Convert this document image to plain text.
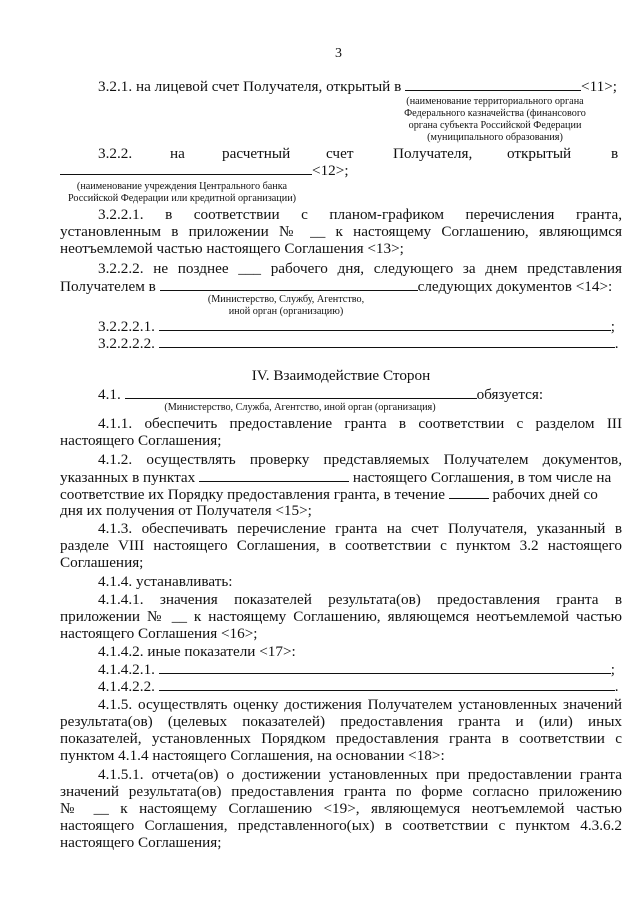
3
3.2.1. на лицевой счет Получателя, открытый в	<11>;
(наименование территориального органа
Федерального казначейства (финансового
органа субъекта Российской Федерации
(муниципального образования)
3.2.2. на расчетный счет	Получателя, открытый	в
<12>;
(наименование учреждения Центрального банка
Российской Федерации или кредитной организации)
3.2.2.1. в соответствии с планом-графиком перечисления гранта,
установленным в приложении № __ к настоящему Соглашению, являющимся
неотъемлемой частью настоящего Соглашения <13>;
3.2.2.2. не позднее ___ рабочего дня, следующего за днем представления
Получателем в	следующих документов <14>:
(Министерство, Службу, Агентство,
иной орган (организацию)
3.2.2.2.1.	;
3.2.2.2.2.	.
IV. Взаимодействие Сторон
4.1.	обязуется:
(Министерство, Служба, Агентство, иной орган (организация)
4.1.1. обеспечить предоставление гранта в соответствии с разделом III
настоящего Соглашения;
4.1.2. осуществлять проверку представляемых Получателем документов,
указанных в пунктах	настоящего Соглашения, в том числе на
соответствие их Порядку предоставления гранта, в течение	рабочих дней со
дня их получения от Получателя <15>;
4.1.3. обеспечивать перечисление гранта на счет Получателя, указанный в
разделе VIII настоящего Соглашения, в соответствии с пунктом 3.2 настоящего
Соглашения;
4.1.4. устанавливать:
4.1.4.1. значения показателей результата(ов) предоставления гранта в
приложении № __ к настоящему Соглашению, являющемся неотъемлемой частью
настоящего Соглашения <16>;
4.1.4.2. иные показатели <17>:
4.1.4.2.1.	;
4.1.4.2.2.	.
4.1.5. осуществлять оценку достижения Получателем установленных значений
результата(ов) (целевых показателей) предоставления гранта и (или) иных
показателей, установленных Порядком предоставления гранта в соответствии с
пунктом 4.1.4 настоящего Соглашения, на основании <18>:
4.1.5.1. отчета(ов) о достижении установленных при предоставлении гранта
значений результата(ов) предоставления гранта по форме согласно приложению
№ __ к настоящему Соглашению <19>, являющемуся неотъемлемой частью
настоящего Соглашения, представленного(ых) в соответствии с пунктом 4.3.6.2
настоящего Соглашения;
